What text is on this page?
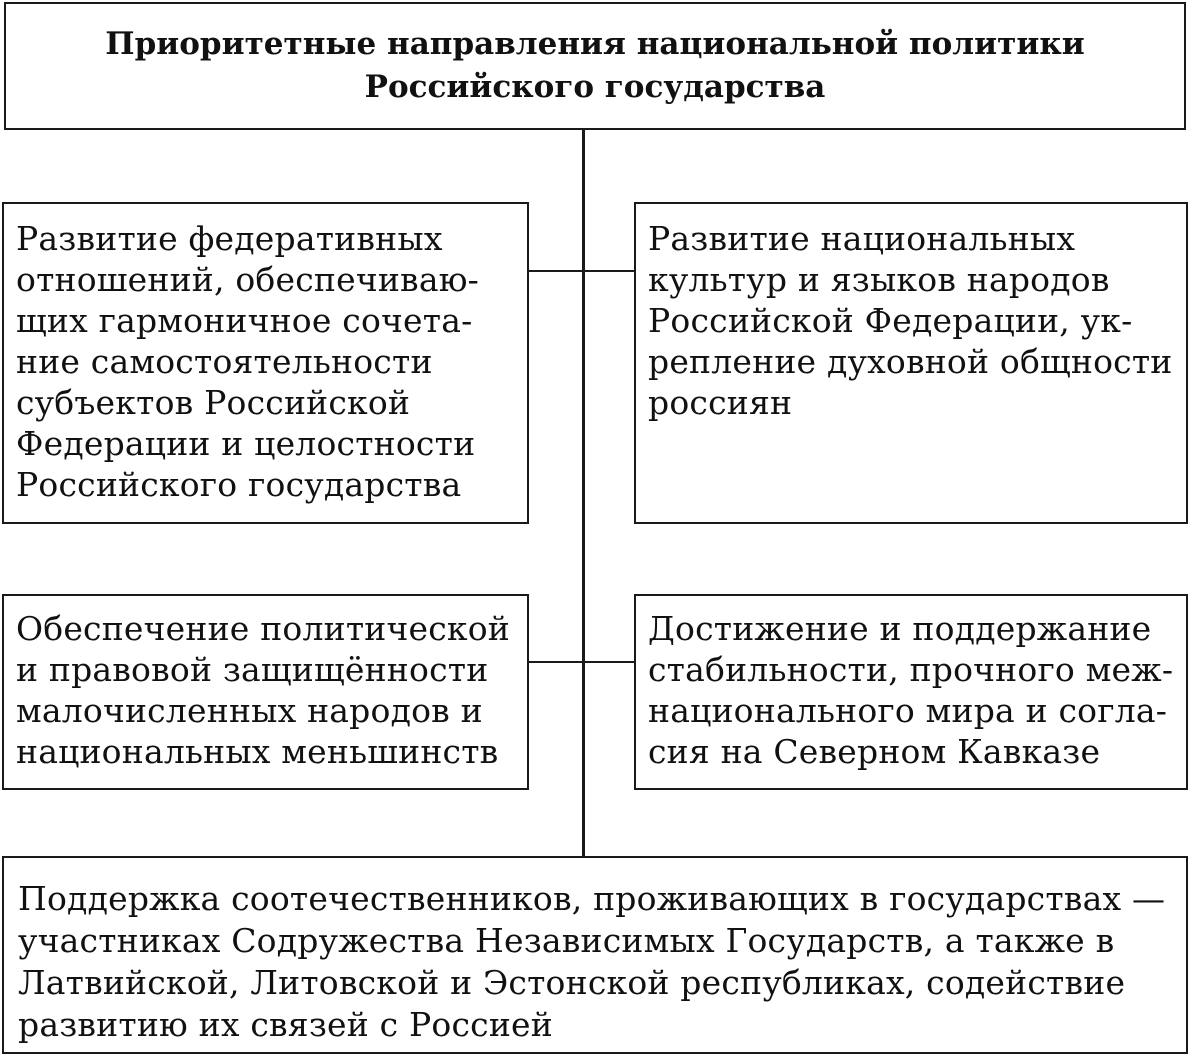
Приоритетные направления национальной политики
Российского государства
Развитие федеративных
отношений, обеспечиваю-
щих гармоничное сочета-
ние самостоятельности
субъектов Российской
Федерации и целостности
Российского государства
Развитие национальных
культур и языков народов
Российской Федерации, ук-
репление духовной общности
россиян
Обеспечение политической
и правовой защищённости
малочисленных народов и
национальных меньшинств
Достижение и поддержание
стабильности, прочного меж-
национального мира и согла-
сия на Северном Кавказе
Поддержка соотечественников, проживающих в государствах —
участниках Содружества Независимых Государств, а также в
Латвийской, Литовской и Эстонской республиках, содействие
развитию их связей с Россией
